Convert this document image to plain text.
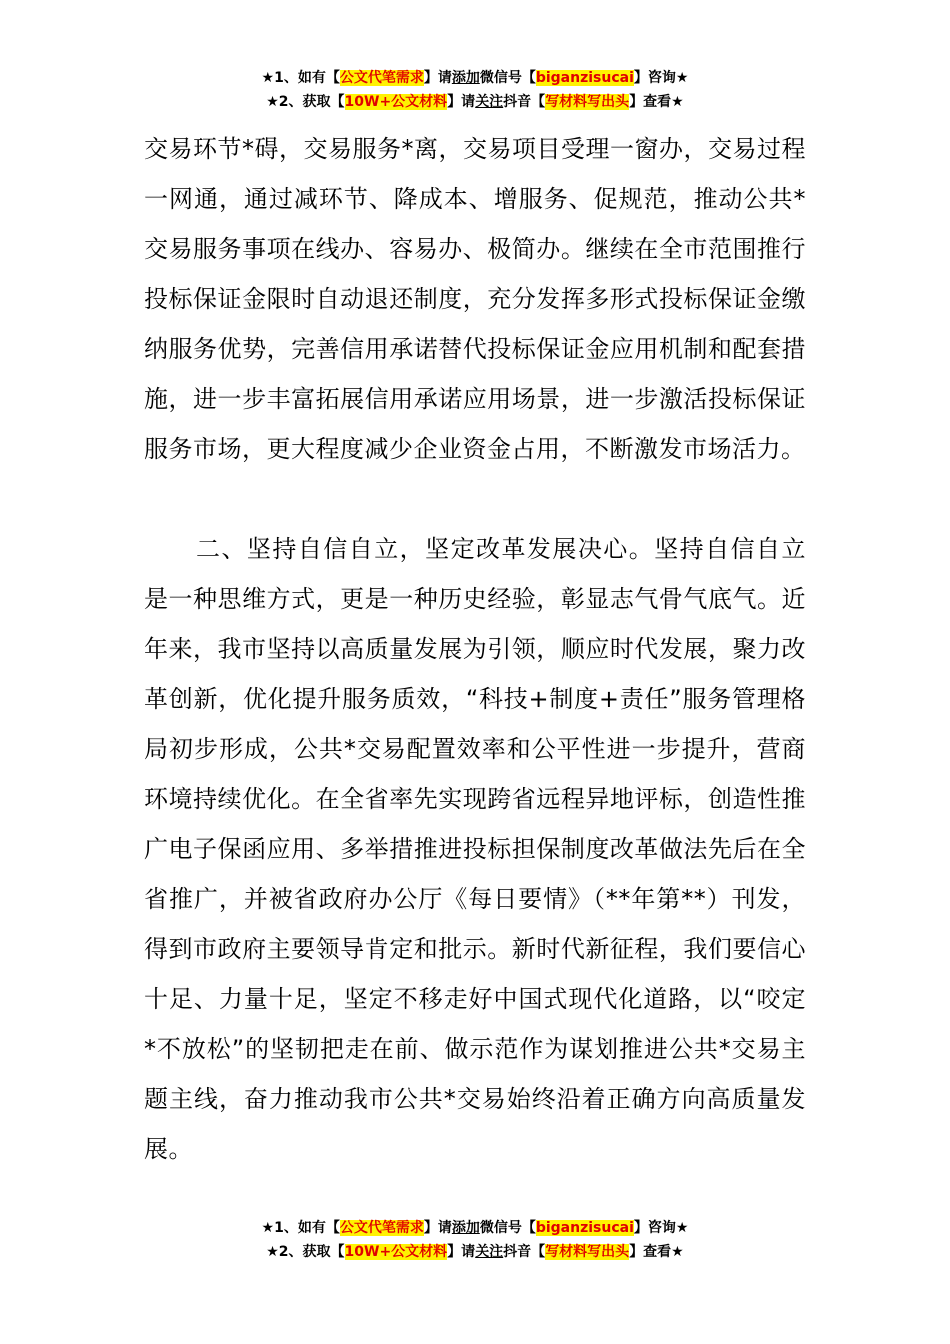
★1、如有【公文代笔需求】请添加微信号【biganzisucai】咨询★
★2、获取【10W+公文材料】请关注抖音【写材料写出头】查看★

交易环节*碍，交易服务*离，交易项目受理一窗办，交易过程一网通，通过减环节、降成本、增服务、促规范，推动公共*交易服务事项在线办、容易办、极简办。继续在全市范围推行投标保证金限时自动退还制度，充分发挥多形式投标保证金缴纳服务优势，完善信用承诺替代投标保证金应用机制和配套措施，进一步丰富拓展信用承诺应用场景，进一步激活投标保证服务市场，更大程度减少企业资金占用，不断激发市场活力。

二、坚持自信自立，坚定改革发展决心。坚持自信自立是一种思维方式，更是一种历史经验，彰显志气骨气底气。近年来，我市坚持以高质量发展为引领，顺应时代发展，聚力改革创新，优化提升服务质效，“科技+制度+责任”服务管理格局初步形成，公共*交易配置效率和公平性进一步提升，营商环境持续优化。在全省率先实现跨省远程异地评标，创造性推广电子保函应用、多举措推进投标担保制度改革做法先后在全省推广，并被省政府办公厅《每日要情》（**年第**）刊发，得到市政府主要领导肯定和批示。新时代新征程，我们要信心十足、力量十足，坚定不移走好中国式现代化道路，以“咬定*不放松”的坚韧把走在前、做示范作为谋划推进公共*交易主题主线，奋力推动我市公共*交易始终沿着正确方向高质量发展。

★1、如有【公文代笔需求】请添加微信号【biganzisucai】咨询★
★2、获取【10W+公文材料】请关注抖音【写材料写出头】查看★
